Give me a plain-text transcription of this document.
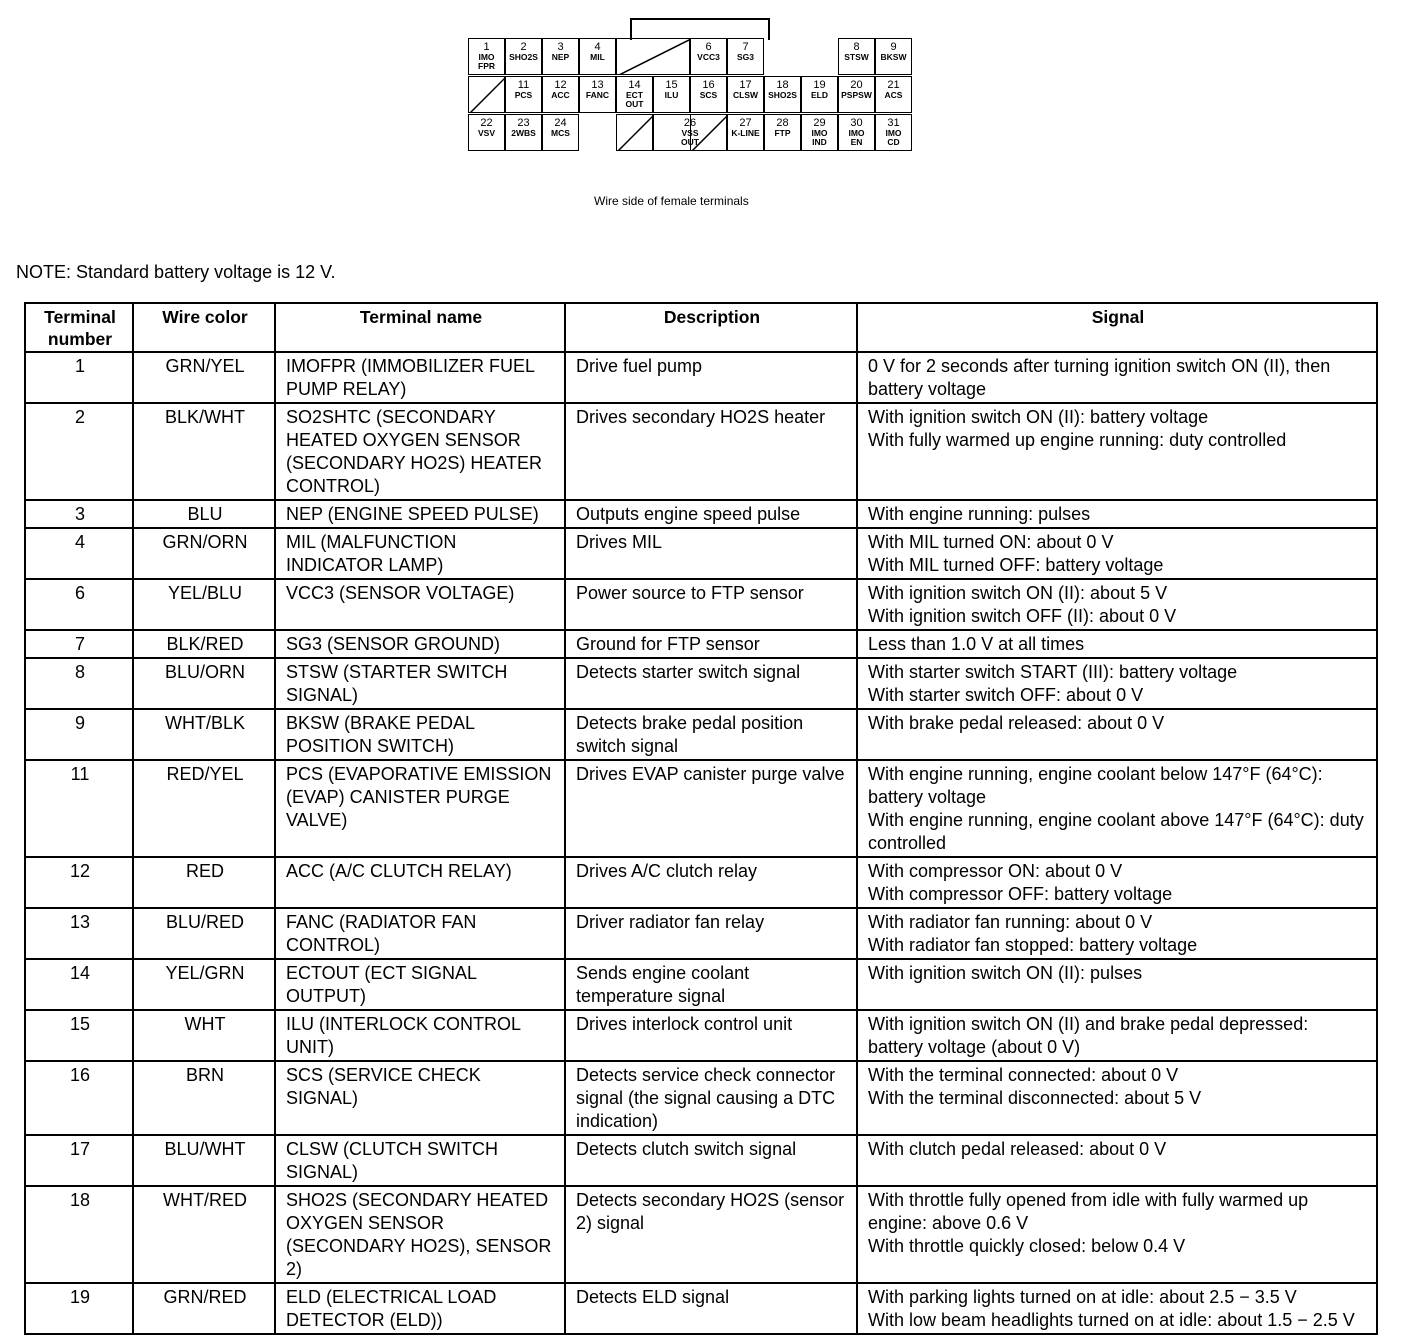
1
IMO
FPR
2
SHO2S
3
NEP
4
MIL
6
VCC3
7
SG3
8
STSW
9
BKSW
11
PCS
12
ACC
13
FANC
14
ECT
OUT
15
ILU
16
SCS
17
CLSW
18
SHO2S
19
ELD
20
PSPSW
21
ACS
22
VSV
23
2WBS
24
MCS
26
VSS
OUT
27
K-LINE
28
FTP
29
IMO
IND
30
IMO
EN
31
IMO
CD
Wire side of female terminals
NOTE: Standard battery voltage is 12 V.
Terminal
number	Wire color	Terminal name	Description	Signal
1	GRN/YEL	IMOFPR (IMMOBILIZER FUEL PUMP RELAY)	Drive fuel pump	0 V for 2 seconds after turning ignition switch ON (II), then battery voltage
2	BLK/WHT	SO2SHTC (SECONDARY HEATED OXYGEN SENSOR (SECONDARY HO2S) HEATER CONTROL)	Drives secondary HO2S heater	With ignition switch ON (II): battery voltage
With fully warmed up engine running: duty controlled
3	BLU	NEP (ENGINE SPEED PULSE)	Outputs engine speed pulse	With engine running: pulses
4	GRN/ORN	MIL (MALFUNCTION INDICATOR LAMP)	Drives MIL	With MIL turned ON: about 0 V
With MIL turned OFF: battery voltage
6	YEL/BLU	VCC3 (SENSOR VOLTAGE)	Power source to FTP sensor	With ignition switch ON (II): about 5 V
With ignition switch OFF (II): about 0 V
7	BLK/RED	SG3 (SENSOR GROUND)	Ground for FTP sensor	Less than 1.0 V at all times
8	BLU/ORN	STSW (STARTER SWITCH SIGNAL)	Detects starter switch signal	With starter switch START (III): battery voltage
With starter switch OFF: about 0 V
9	WHT/BLK	BKSW (BRAKE PEDAL POSITION SWITCH)	Detects brake pedal position switch signal	With brake pedal released: about 0 V
11	RED/YEL	PCS (EVAPORATIVE EMISSION (EVAP) CANISTER PURGE VALVE)	Drives EVAP canister purge valve	With engine running, engine coolant below 147°F (64°C): battery voltage
With engine running, engine coolant above 147°F (64°C): duty controlled
12	RED	ACC (A/C CLUTCH RELAY)	Drives A/C clutch relay	With compressor ON: about 0 V
With compressor OFF: battery voltage
13	BLU/RED	FANC (RADIATOR FAN CONTROL)	Driver radiator fan relay	With radiator fan running: about 0 V
With radiator fan stopped: battery voltage
14	YEL/GRN	ECTOUT (ECT SIGNAL OUTPUT)	Sends engine coolant temperature signal	With ignition switch ON (II): pulses
15	WHT	ILU (INTERLOCK CONTROL UNIT)	Drives interlock control unit	With ignition switch ON (II) and brake pedal depressed: battery voltage (about 0 V)
16	BRN	SCS (SERVICE CHECK SIGNAL)	Detects service check connector signal (the signal causing a DTC indication)	With the terminal connected: about 0 V
With the terminal disconnected: about 5 V
17	BLU/WHT	CLSW (CLUTCH SWITCH SIGNAL)	Detects clutch switch signal	With clutch pedal released: about 0 V
18	WHT/RED	SHO2S (SECONDARY HEATED OXYGEN SENSOR (SECONDARY HO2S), SENSOR 2)	Detects secondary HO2S (sensor 2) signal	With throttle fully opened from idle with fully warmed up engine: above 0.6 V
With throttle quickly closed: below 0.4 V
19	GRN/RED	ELD (ELECTRICAL LOAD DETECTOR (ELD))	Detects ELD signal	With parking lights turned on at idle: about 2.5 − 3.5 V
With low beam headlights turned on at idle: about 1.5 − 2.5 V
